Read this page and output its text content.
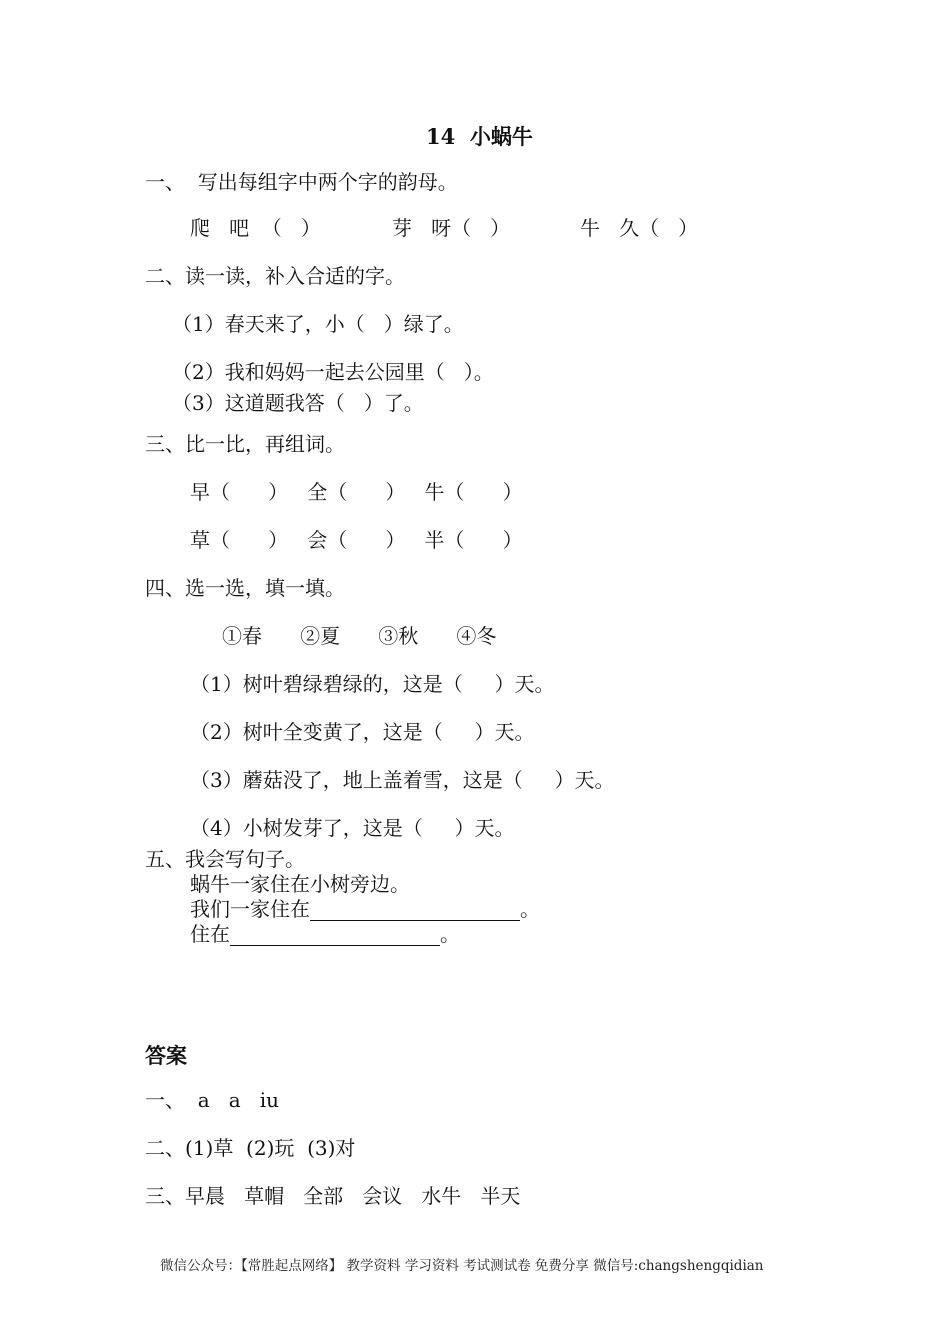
14  小蜗牛
一、  写出每组字中两个字的韵母。
爬   吧  （   ）	芽   呀（   ）	牛   久（   ）
二、读一读，补入合适的字。
（1）春天来了，小（   ）绿了。
（2）我和妈妈一起去公园里（   ）。
（3）这道题我答（   ）了。
三、比一比，再组词。
早（      ）   全（      ）   牛（      ）
草（      ）   会（      ）   半（      ）
四、选一选，填一填。
①春      ②夏      ③秋      ④冬
（1）树叶碧绿碧绿的，这是（     ）天。
（2）树叶全变黄了，这是（     ）天。
（3）蘑菇没了，地上盖着雪，这是（     ）天。
（4）小树发芽了，这是（     ）天。
五、我会写句子。
蜗牛一家住在小树旁边。
我们一家住在	。
住在	。
答案
一、  a   a   iu
二、(1)草  (2)玩  (3)对
三、早晨   草帽   全部   会议   水牛   半天
微信公众号：【常胜起点网络】 教学资料 学习资料 考试测试卷 免费分享 微信号:changshengqidian
